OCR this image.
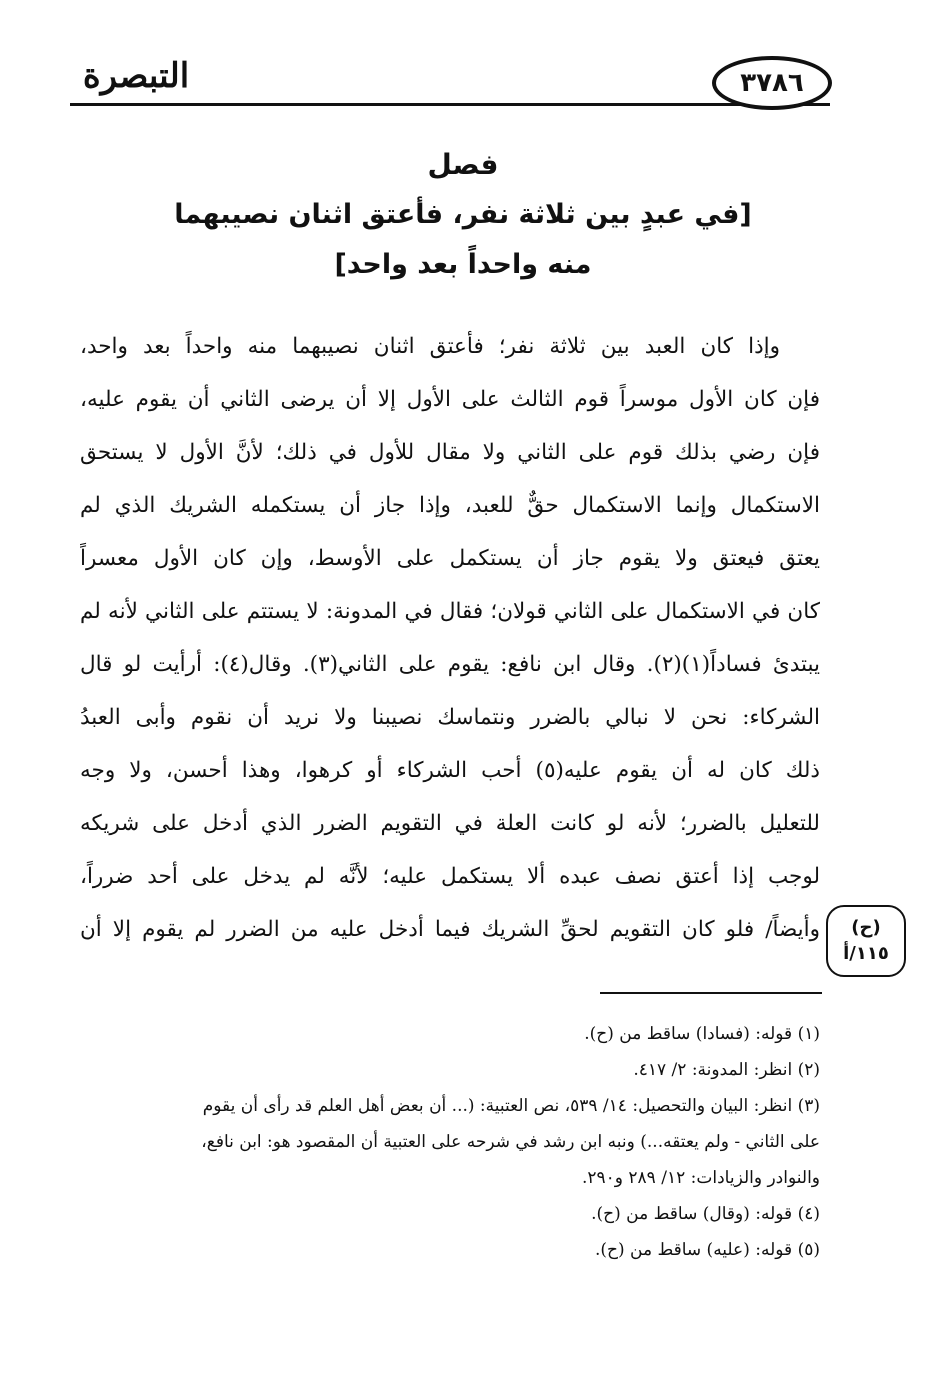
٣٧٨٦
التبصرة
فصل
[في عبدٍ بين ثلاثة نفر، فأعتق اثنان نصيبهما
منه واحداً بعد واحد]
وإذا كان العبد بين ثلاثة نفر؛ فأعتق اثنان نصيبهما منه واحداً بعد واحد،
فإن كان الأول موسراً قوم الثالث على الأول إلا أن يرضى الثاني أن يقوم عليه،
فإن رضي بذلك قوم على الثاني ولا مقال للأول في ذلك؛ لأنَّ الأول لا يستحق
الاستكمال وإنما الاستكمال حقٌّ للعبد، وإذا جاز أن يستكمله الشريك الذي لم
يعتق فيعتق ولا يقوم جاز أن يستكمل على الأوسط، وإن كان الأول معسراً
كان في الاستكمال على الثاني قولان؛ فقال في المدونة: لا يستتم على الثاني لأنه لم
يبتدئ فساداً(١)(٢). وقال ابن نافع: يقوم على الثاني(٣). وقال(٤): أرأيت لو قال
الشركاء: نحن لا نبالي بالضرر ونتماسك نصيبنا ولا نريد أن نقوم وأبى العبدُ
ذلك كان له أن يقوم عليه(٥) أحب الشركاء أو كرهوا، وهذا أحسن، ولا وجه
للتعليل بالضرر؛ لأنه لو كانت العلة في التقويم الضرر الذي أدخل على شريكه
لوجب إذا أعتق نصف عبده ألا يستكمل عليه؛ لأنَّه لم يدخل على أحد ضرراً،
وأيضاً/ فلو كان التقويم لحقِّ الشريك فيما أدخل عليه من الضرر لم يقوم إلا أن	(ح)
١١٥/أ
(١) قوله: (فسادا) ساقط من (ح).
(٢) انظر: المدونة: ٢/ ٤١٧.
(٣) انظر: البيان والتحصيل: ١٤/ ٥٣٩، نص العتبية: (... أن بعض أهل العلم قد رأى أن يقوم
على الثاني - ولم يعتقه...) ونبه ابن رشد في شرحه على العتبية أن المقصود هو: ابن نافع،
والنوادر والزيادات: ١٢/ ٢٨٩ و٢٩٠.
(٤) قوله: (وقال) ساقط من (ح).
(٥) قوله: (عليه) ساقط من (ح).
